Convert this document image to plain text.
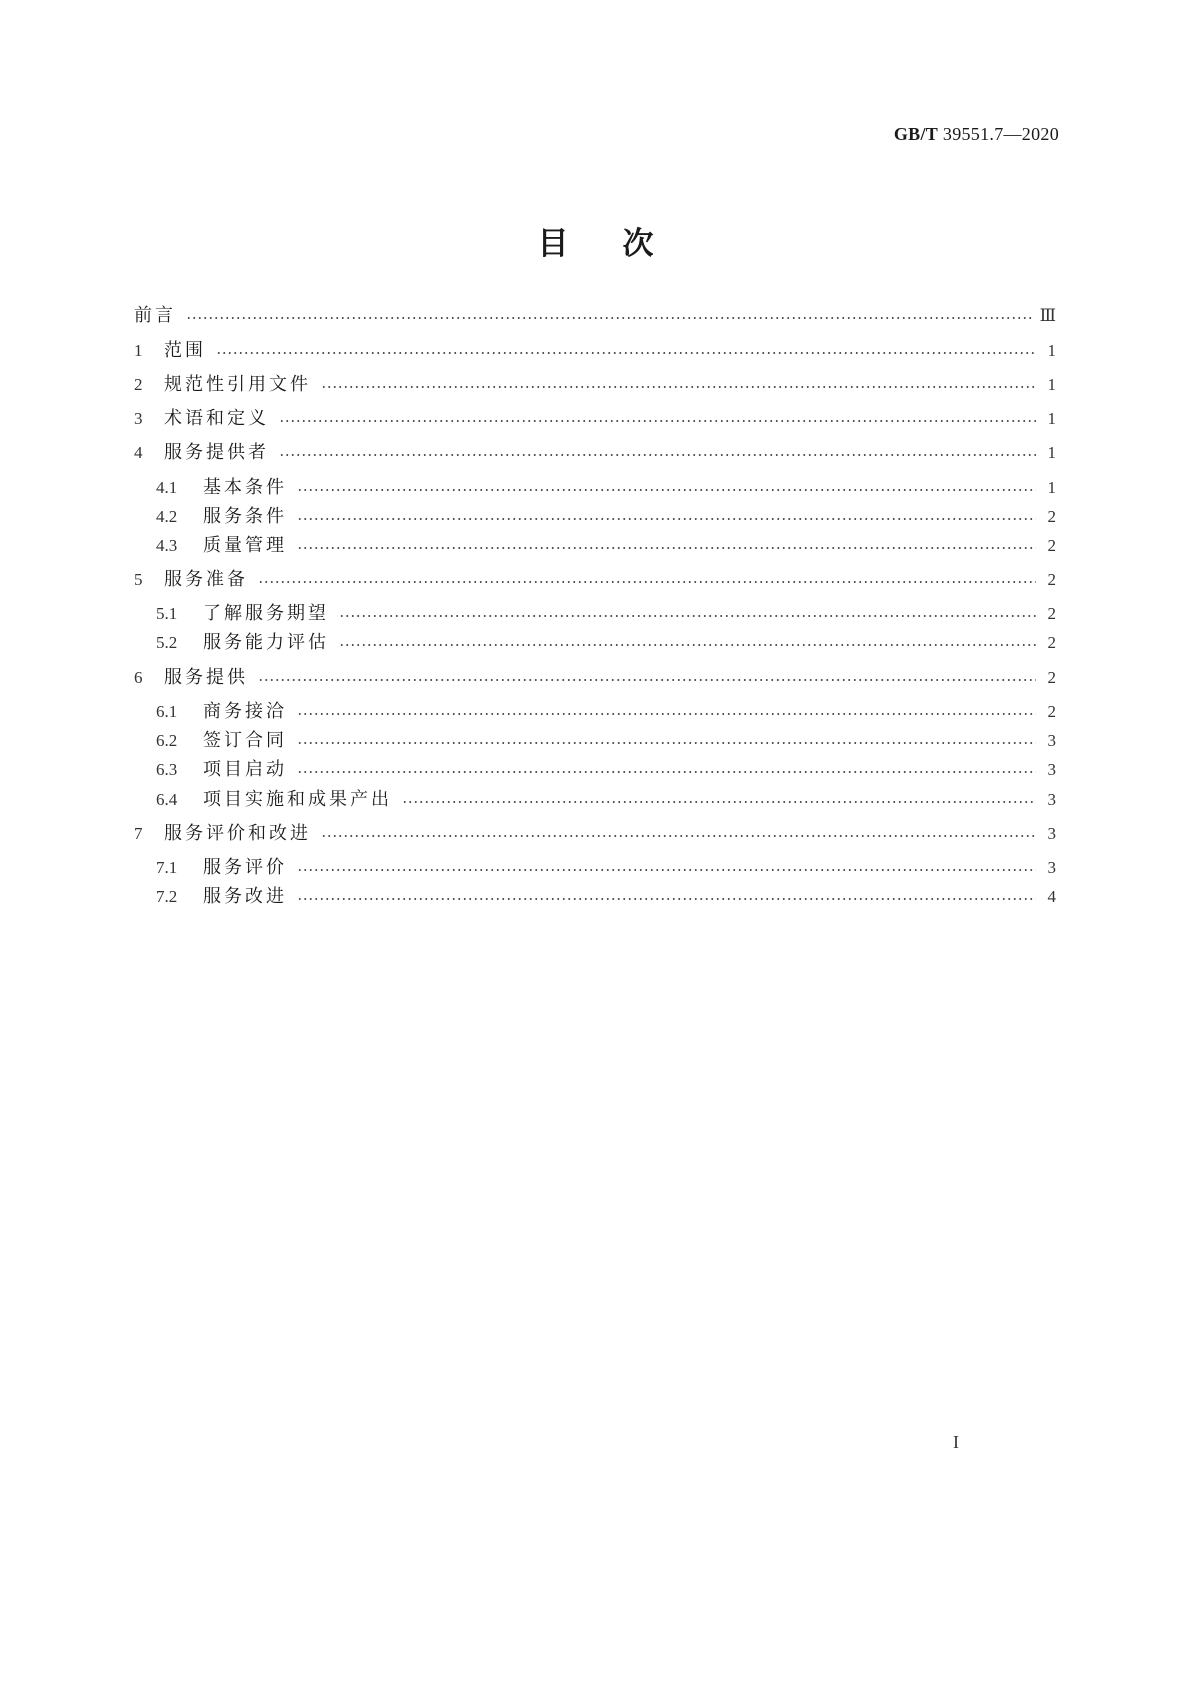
GB/T 39551.7—2020
目次
前言	Ⅲ
1	范围	1
2	规范性引用文件	1
3	术语和定义	1
4	服务提供者	1
4.1	基本条件	1
4.2	服务条件	2
4.3	质量管理	2
5	服务准备	2
5.1	了解服务期望	2
5.2	服务能力评估	2
6	服务提供	2
6.1	商务接洽	2
6.2	签订合同	3
6.3	项目启动	3
6.4	项目实施和成果产出	3
7	服务评价和改进	3
7.1	服务评价	3
7.2	服务改进	4
I
